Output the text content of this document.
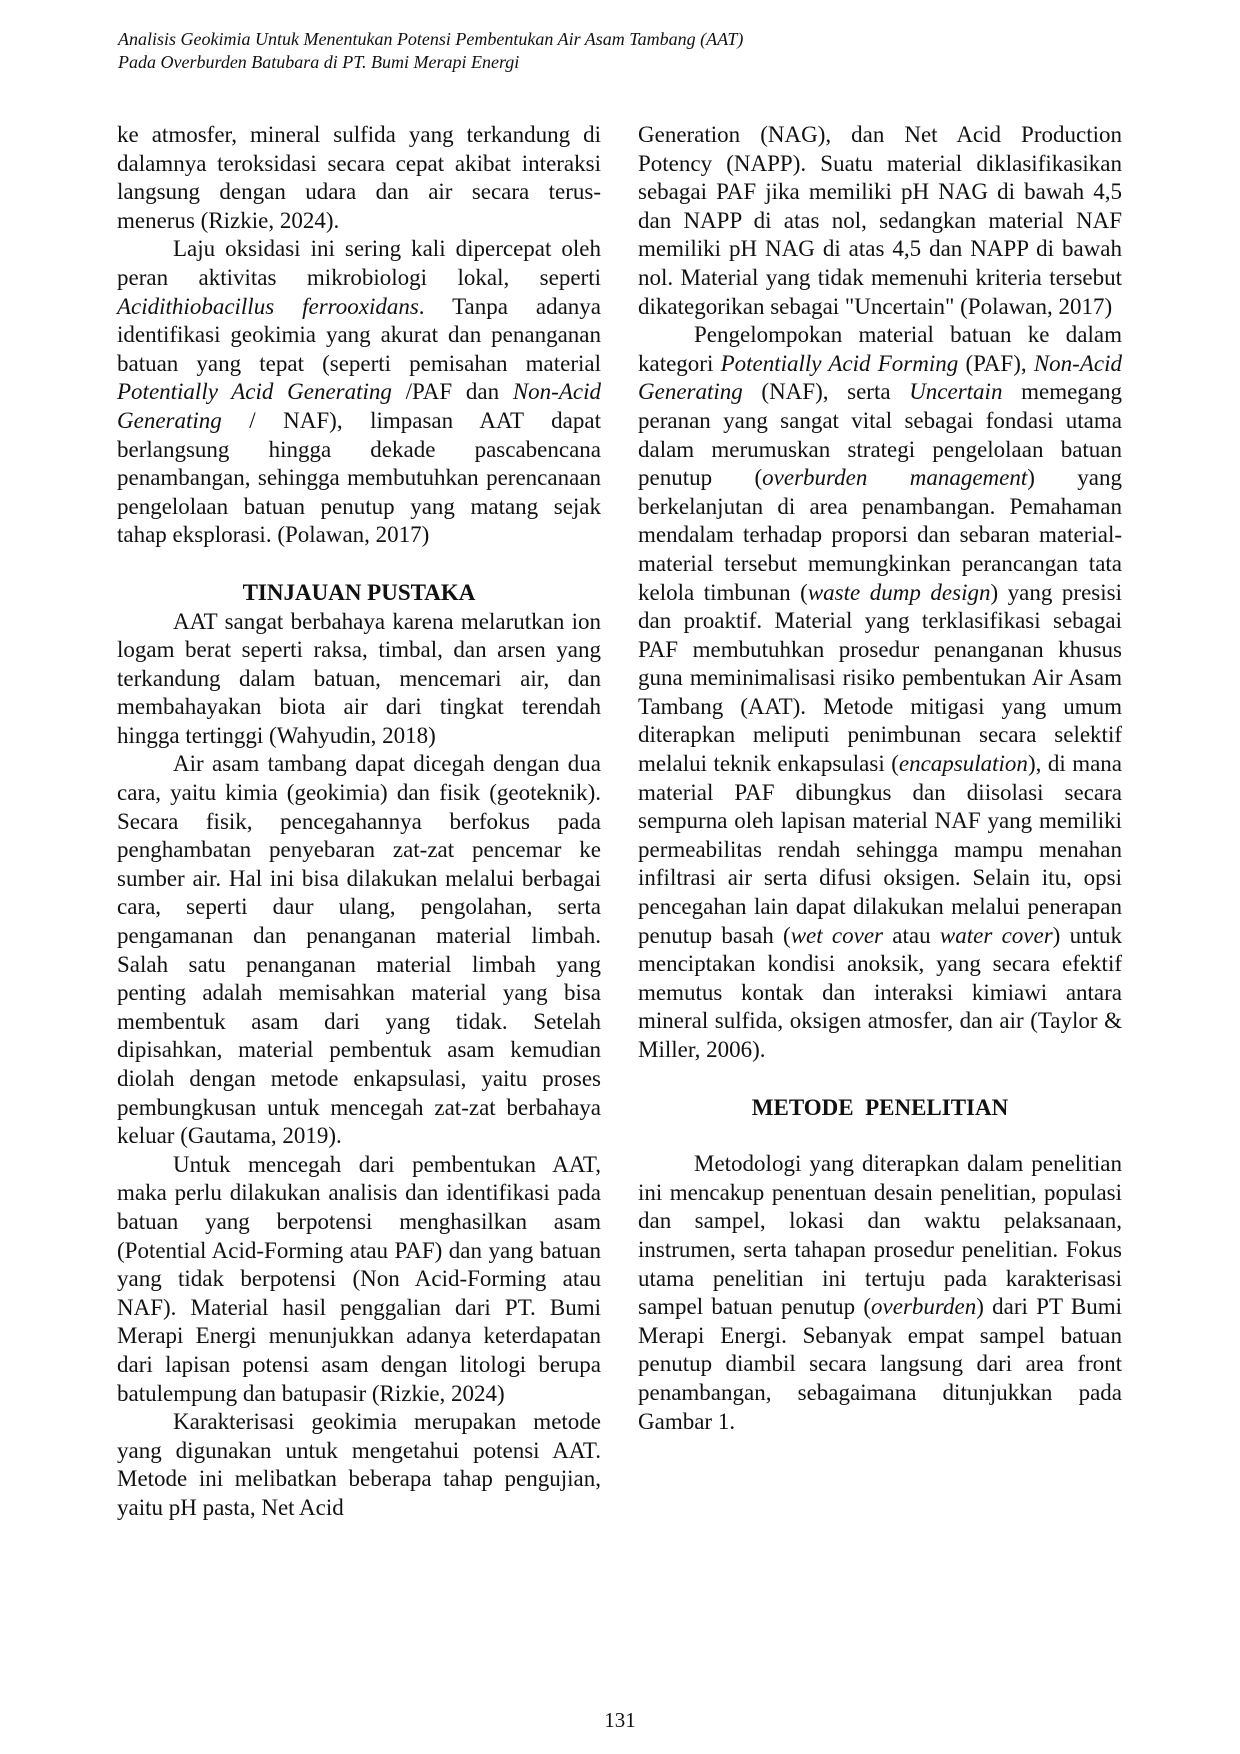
Analisis Geokimia Untuk Menentukan Potensi Pembentukan Air Asam Tambang (AAT)
Pada Overburden Batubara di PT. Bumi Merapi Energi

ke atmosfer, mineral sulfida yang terkandung di dalamnya teroksidasi secara cepat akibat interaksi langsung dengan udara dan air secara terus- menerus (Rizkie, 2024).

Laju oksidasi ini sering kali dipercepat oleh peran aktivitas mikrobiologi lokal, seperti Acidithiobacillus ferrooxidans. Tanpa adanya identifikasi geokimia yang akurat dan penanganan batuan yang tepat (seperti pemisahan material Potentially Acid Generating /PAF dan Non-Acid Generating / NAF), limpasan AAT dapat berlangsung hingga dekade pascabencana penambangan, sehingga membutuhkan perencanaan pengelolaan batuan penutup yang matang sejak tahap eksplorasi. (Polawan, 2017)

TINJAUAN PUSTAKA

AAT sangat berbahaya karena melarutkan ion logam berat seperti raksa, timbal, dan arsen yang terkandung dalam batuan, mencemari air, dan membahayakan biota air dari tingkat terendah hingga tertinggi (Wahyudin, 2018)

Air asam tambang dapat dicegah dengan dua cara, yaitu kimia (geokimia) dan fisik (geoteknik). Secara fisik, pencegahannya berfokus pada penghambatan penyebaran zat-zat pencemar ke sumber air. Hal ini bisa dilakukan melalui berbagai cara, seperti daur ulang, pengolahan, serta pengamanan dan penanganan material limbah. Salah satu penanganan material limbah yang penting adalah memisahkan material yang bisa membentuk asam dari yang tidak. Setelah dipisahkan, material pembentuk asam kemudian diolah dengan metode enkapsulasi, yaitu proses pembungkusan untuk mencegah zat-zat berbahaya keluar (Gautama, 2019).

Untuk mencegah dari pembentukan AAT, maka perlu dilakukan analisis dan identifikasi pada batuan yang berpotensi menghasilkan asam (Potential Acid-Forming atau PAF) dan yang batuan yang tidak berpotensi (Non Acid-Forming atau NAF). Material hasil penggalian dari PT. Bumi Merapi Energi menunjukkan adanya keterdapatan dari lapisan potensi asam dengan litologi berupa batulempung dan batupasir (Rizkie, 2024)

Karakterisasi geokimia merupakan metode yang digunakan untuk mengetahui potensi AAT. Metode ini melibatkan beberapa tahap pengujian, yaitu pH pasta, Net Acid

Generation (NAG), dan Net Acid Production Potency (NAPP). Suatu material diklasifikasikan sebagai PAF jika memiliki pH NAG di bawah 4,5 dan NAPP di atas nol, sedangkan material NAF memiliki pH NAG di atas 4,5 dan NAPP di bawah nol. Material yang tidak memenuhi kriteria tersebut dikategorikan sebagai "Uncertain" (Polawan, 2017)

Pengelompokan material batuan ke dalam kategori Potentially Acid Forming (PAF), Non-Acid Generating (NAF), serta Uncertain memegang peranan yang sangat vital sebagai fondasi utama dalam merumuskan strategi pengelolaan batuan penutup (overburden management) yang berkelanjutan di area penambangan. Pemahaman mendalam terhadap proporsi dan sebaran material-material tersebut memungkinkan perancangan tata kelola timbunan (waste dump design) yang presisi dan proaktif. Material yang terklasifikasi sebagai PAF membutuhkan prosedur penanganan khusus guna meminimalisasi risiko pembentukan Air Asam Tambang (AAT). Metode mitigasi yang umum diterapkan meliputi penimbunan secara selektif melalui teknik enkapsulasi (encapsulation), di mana material PAF dibungkus dan diisolasi secara sempurna oleh lapisan material NAF yang memiliki permeabilitas rendah sehingga mampu menahan infiltrasi air serta difusi oksigen. Selain itu, opsi pencegahan lain dapat dilakukan melalui penerapan penutup basah (wet cover atau water cover) untuk menciptakan kondisi anoksik, yang secara efektif memutus kontak dan interaksi kimiawi antara mineral sulfida, oksigen atmosfer, dan air (Taylor & Miller, 2006).

METODE  PENELITIAN

Metodologi yang diterapkan dalam penelitian ini mencakup penentuan desain penelitian, populasi dan sampel, lokasi dan waktu pelaksanaan, instrumen, serta tahapan prosedur penelitian. Fokus utama penelitian ini tertuju pada karakterisasi sampel batuan penutup (overburden) dari PT Bumi Merapi Energi. Sebanyak empat sampel batuan penutup diambil secara langsung dari area front penambangan, sebagaimana ditunjukkan pada Gambar 1.

131
